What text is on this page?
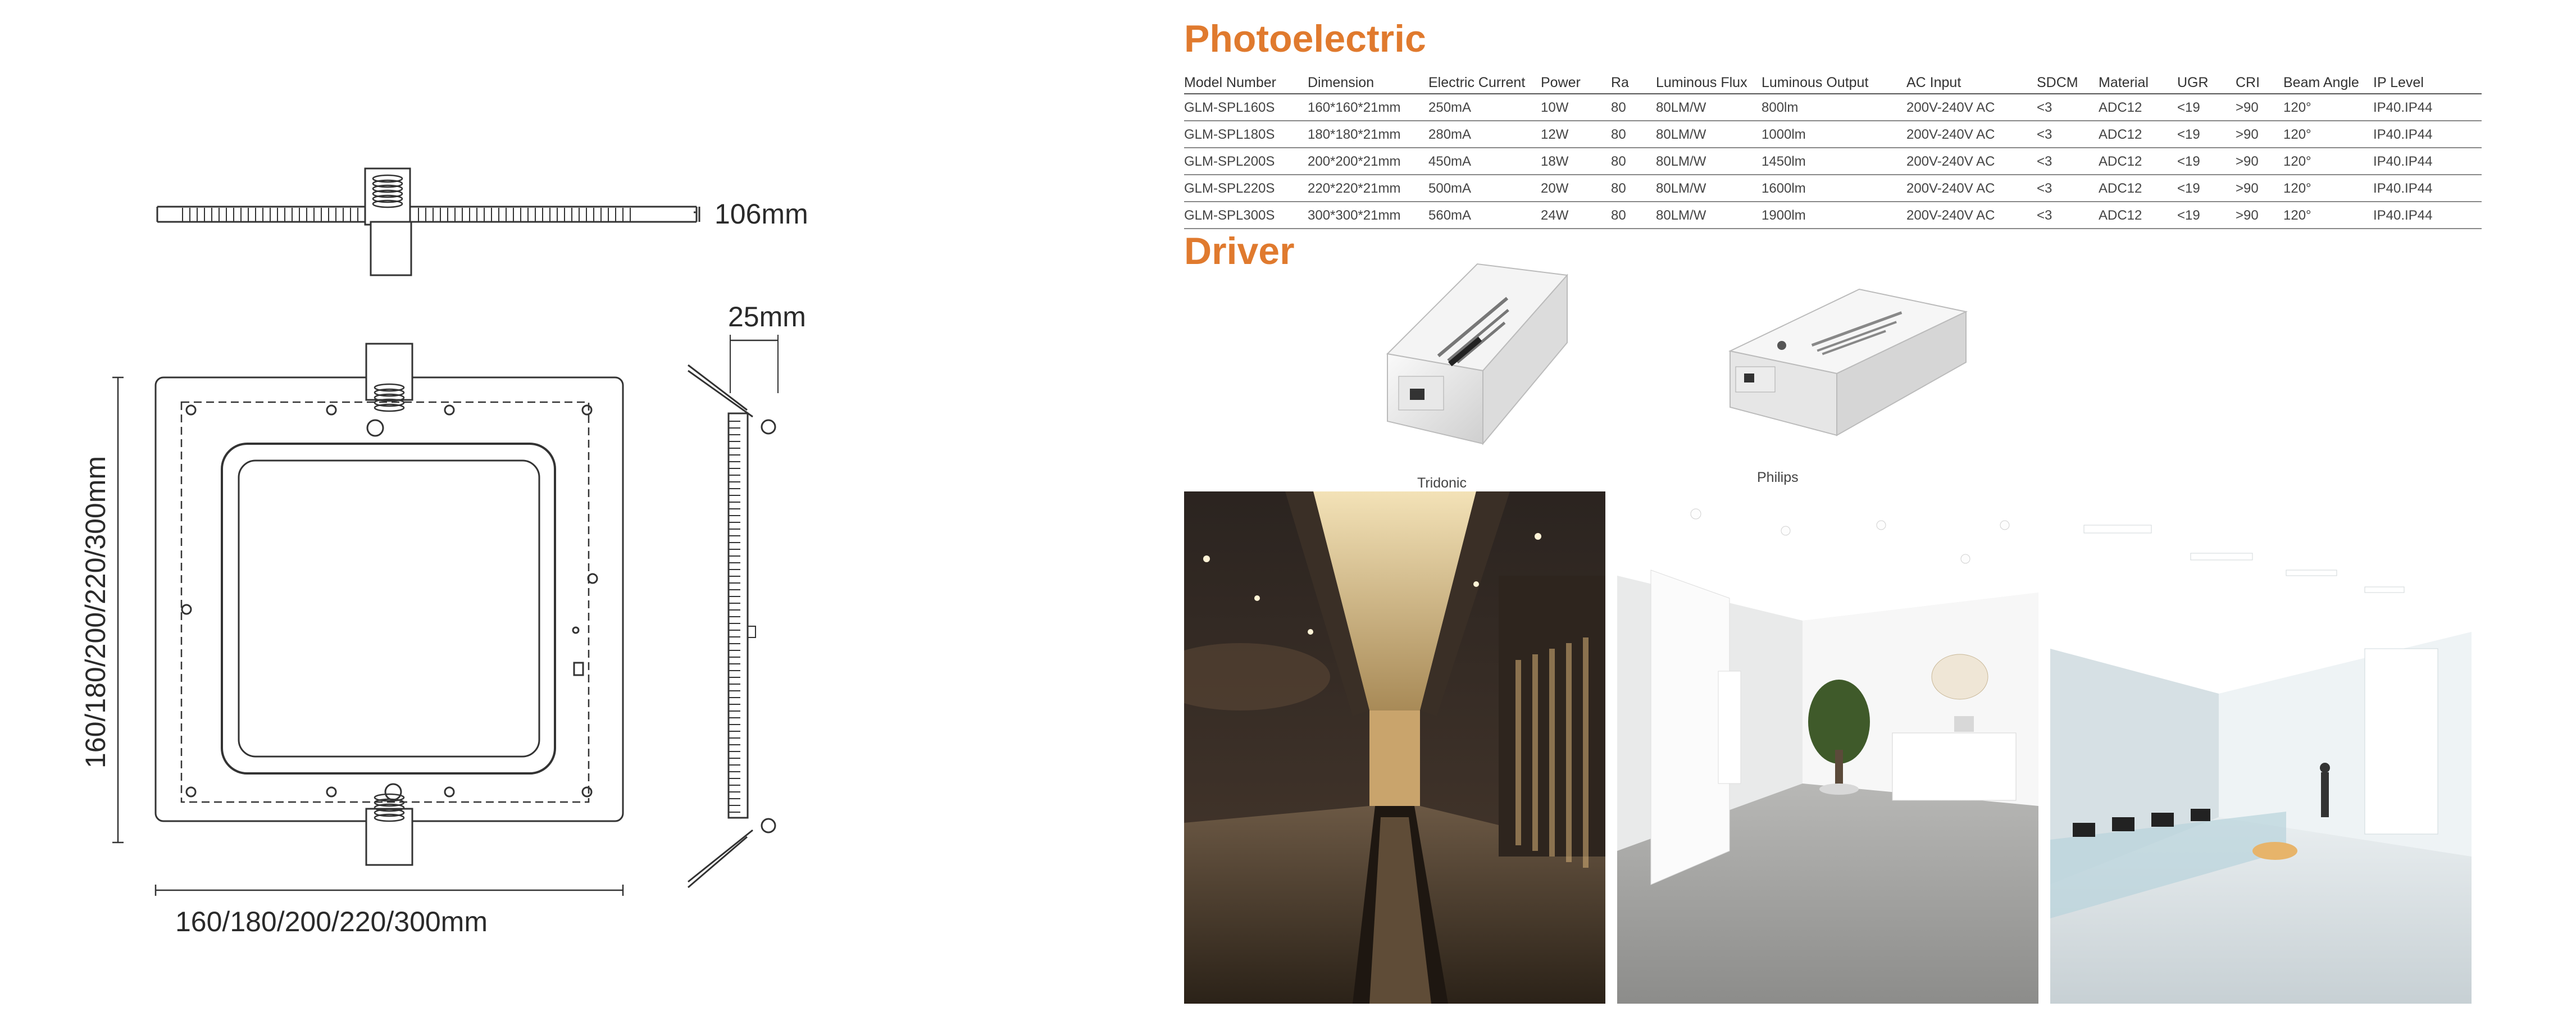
106mm
25mm
160/180/200/220/300mm
160/180/200/220/300mm
Photoelectric
Model Number	Dimension	Electric Current	Power	Ra	Luminous Flux	Luminous Output	AC Input	SDCM	Material	UGR	CRI	Beam Angle	IP Level
GLM-SPL160S	160*160*21mm	250mA	10W	80	80LM/W	800lm	200V-240V AC	<3	ADC12	<19	>90	120°	IP40.IP44
GLM-SPL180S	180*180*21mm	280mA	12W	80	80LM/W	1000lm	200V-240V AC	<3	ADC12	<19	>90	120°	IP40.IP44
GLM-SPL200S	200*200*21mm	450mA	18W	80	80LM/W	1450lm	200V-240V AC	<3	ADC12	<19	>90	120°	IP40.IP44
GLM-SPL220S	220*220*21mm	500mA	20W	80	80LM/W	1600lm	200V-240V AC	<3	ADC12	<19	>90	120°	IP40.IP44
GLM-SPL300S	300*300*21mm	560mA	24W	80	80LM/W	1900lm	200V-240V AC	<3	ADC12	<19	>90	120°	IP40.IP44
Driver
Tridonic	Philips
